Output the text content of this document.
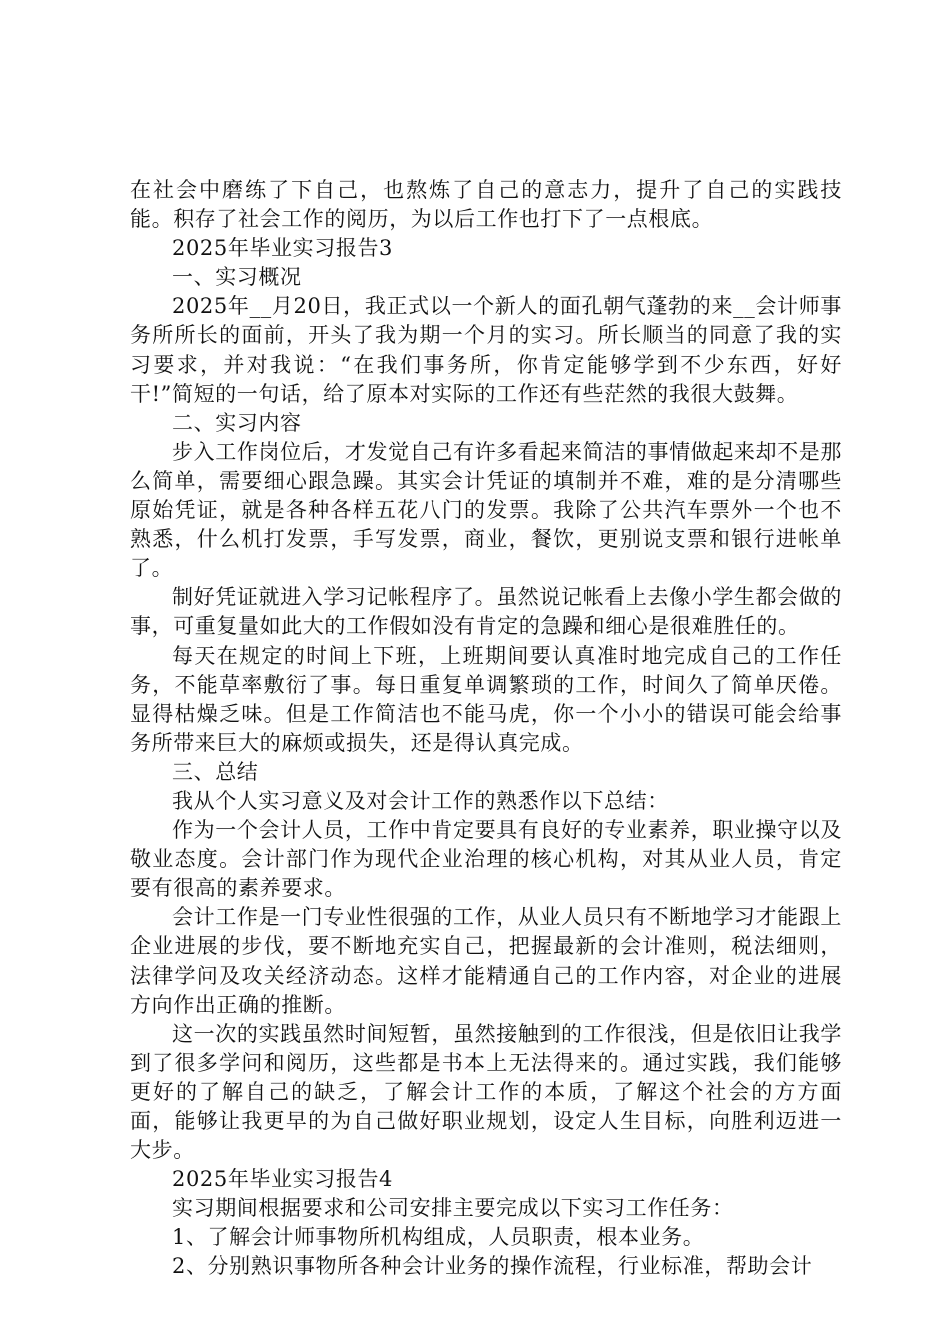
在社会中磨练了下自己，也熬炼了自己的意志力，提升了自己的实践技能。积存了社会工作的阅历，为以后工作也打下了一点根底。

2025年毕业实习报告3

一、实习概况

2025年__月20日，我正式以一个新人的面孔朝气蓬勃的来__会计师事务所所长的面前，开头了我为期一个月的实习。所长顺当的同意了我的实习要求，并对我说：“在我们事务所，你肯定能够学到不少东西，好好干!”简短的一句话，给了原本对实际的工作还有些茫然的我很大鼓舞。

二、实习内容

步入工作岗位后，才发觉自己有许多看起来简洁的事情做起来却不是那么简单，需要细心跟急躁。其实会计凭证的填制并不难，难的是分清哪些原始凭证，就是各种各样五花八门的发票。我除了公共汽车票外一个也不熟悉，什么机打发票，手写发票，商业，餐饮，更别说支票和银行进帐单了。

制好凭证就进入学习记帐程序了。虽然说记帐看上去像小学生都会做的事，可重复量如此大的工作假如没有肯定的急躁和细心是很难胜任的。

每天在规定的时间上下班，上班期间要认真准时地完成自己的工作任务，不能草率敷衍了事。每日重复单调繁琐的工作，时间久了简单厌倦。显得枯燥乏味。但是工作简洁也不能马虎，你一个小小的错误可能会给事务所带来巨大的麻烦或损失，还是得认真完成。

三、总结

我从个人实习意义及对会计工作的熟悉作以下总结：

作为一个会计人员，工作中肯定要具有良好的专业素养，职业操守以及敬业态度。会计部门作为现代企业治理的核心机构，对其从业人员，肯定要有很高的素养要求。

会计工作是一门专业性很强的工作，从业人员只有不断地学习才能跟上企业进展的步伐，要不断地充实自己，把握最新的会计准则，税法细则，法律学问及攻关经济动态。这样才能精通自己的工作内容，对企业的进展方向作出正确的推断。

这一次的实践虽然时间短暂，虽然接触到的工作很浅，但是依旧让我学到了很多学问和阅历，这些都是书本上无法得来的。通过实践，我们能够更好的了解自己的缺乏，了解会计工作的本质，了解这个社会的方方面面，能够让我更早的为自己做好职业规划，设定人生目标，向胜利迈进一大步。

2025年毕业实习报告4

实习期间根据要求和公司安排主要完成以下实习工作任务：

1、了解会计师事物所机构组成，人员职责，根本业务。

2、分别熟识事物所各种会计业务的操作流程，行业标准，帮助会计
